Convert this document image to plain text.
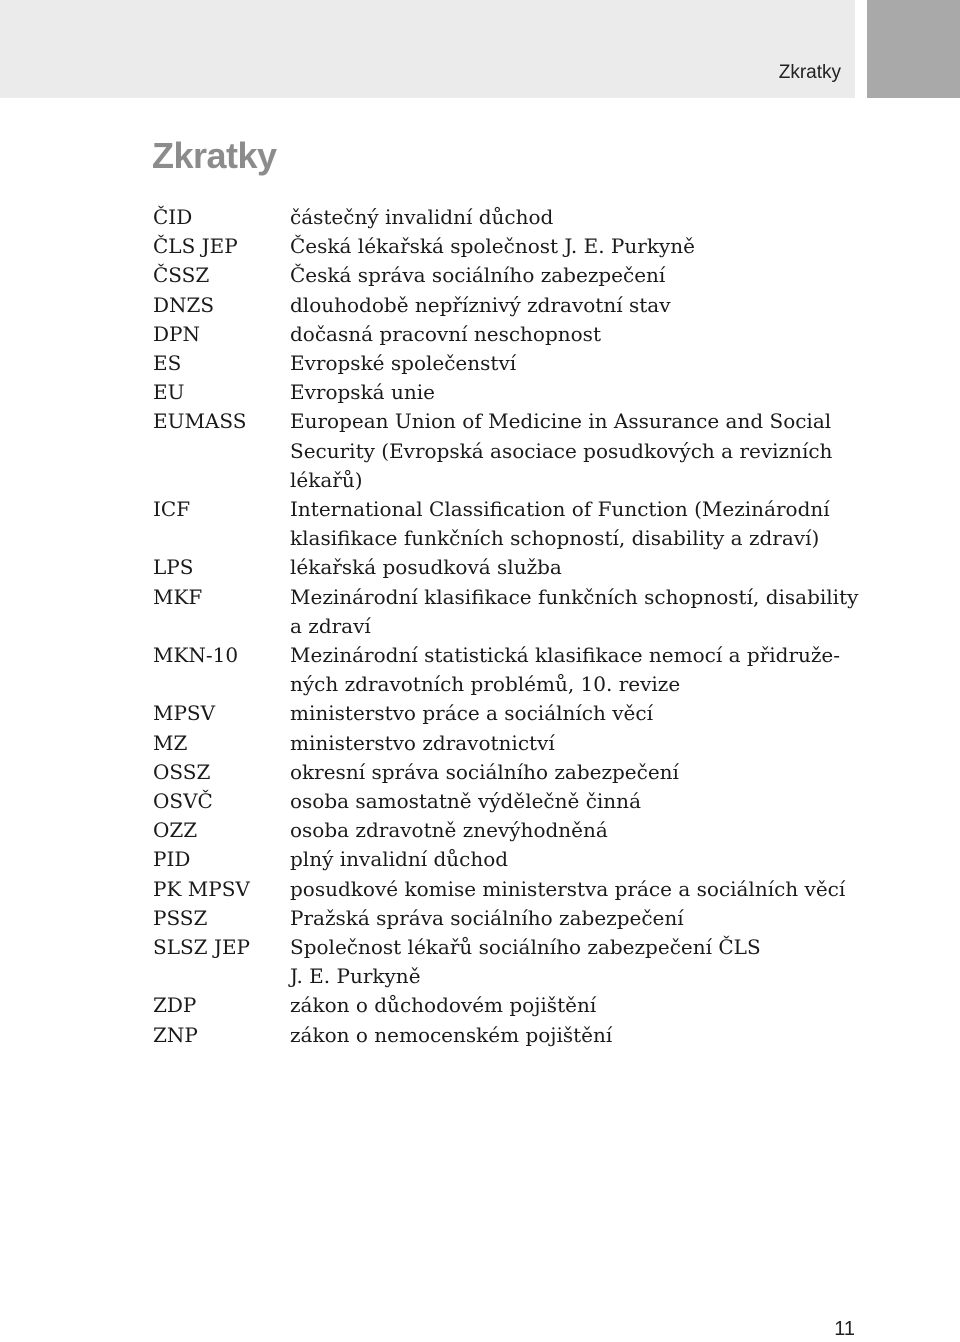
Zkratky
Zkratky
ČID	částečný invalidní důchod
ČLS JEP	Česká lékařská společnost J. E. Purkyně
ČSSZ	Česká správa sociálního zabezpečení
DNZS	dlouhodobě nepříznivý zdravotní stav
DPN	dočasná pracovní neschopnost
ES	Evropské společenství
EU	Evropská unie
EUMASS	European Union of Medicine in Assurance and Social
Security (Evropská asociace posudkových a revizních
lékařů)
ICF	International Classification of Function (Mezinárodní
klasifikace funkčních schopností, disability a zdraví)
LPS	lékařská posudková služba
MKF	Mezinárodní klasifikace funkčních schopností, disability
a zdraví
MKN-10	Mezinárodní statistická klasifikace nemocí a přidruže-
ných zdravotních problémů, 10. revize
MPSV	ministerstvo práce a sociálních věcí
MZ	ministerstvo zdravotnictví
OSSZ	okresní správa sociálního zabezpečení
OSVČ	osoba samostatně výdělečně činná
OZZ	osoba zdravotně znevýhodněná
PID	plný invalidní důchod
PK MPSV	posudkové komise ministerstva práce a sociálních věcí
PSSZ	Pražská správa sociálního zabezpečení
SLSZ JEP	Společnost lékařů sociálního zabezpečení ČLS
J. E. Purkyně
ZDP	zákon o důchodovém pojištění
ZNP	zákon o nemocenském pojištění
11
